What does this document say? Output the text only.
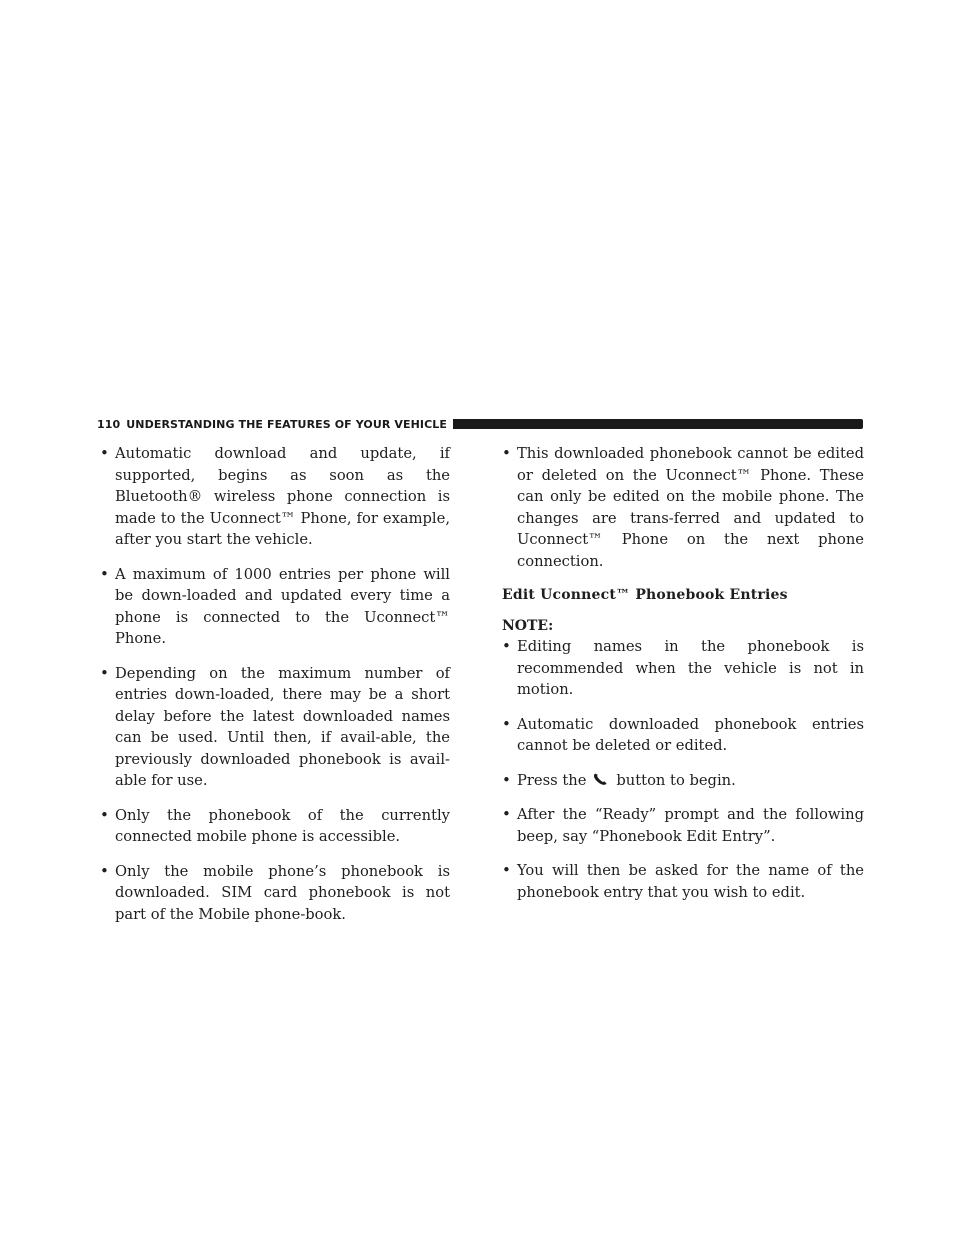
110 UNDERSTANDING THE FEATURES OF YOUR VEHICLE
• Automatic download and update, if supported, begins as soon as the Bluetooth® wireless phone connection is made to the Uconnect™ Phone, for example, after you start the vehicle.
• A maximum of 1000 entries per phone will be down-loaded and updated every time a phone is connected to the Uconnect™ Phone.
• Depending on the maximum number of entries down-loaded, there may be a short delay before the latest downloaded names can be used. Until then, if avail-able, the previously downloaded phonebook is avail-able for use.
• Only the phonebook of the currently connected mobile phone is accessible.
• Only the mobile phone’s phonebook is downloaded. SIM card phonebook is not part of the Mobile phone-book.
• This downloaded phonebook cannot be edited or deleted on the Uconnect™ Phone. These can only be edited on the mobile phone. The changes are trans-ferred and updated to Uconnect™ Phone on the next phone connection.
Edit Uconnect™ Phonebook Entries
NOTE:
• Editing names in the phonebook is recommended when the vehicle is not in motion.
• Automatic downloaded phonebook entries cannot be deleted or edited.
• Press the button to begin.
• After the “Ready” prompt and the following beep, say “Phonebook Edit Entry”.
• You will then be asked for the name of the phonebook entry that you wish to edit.
